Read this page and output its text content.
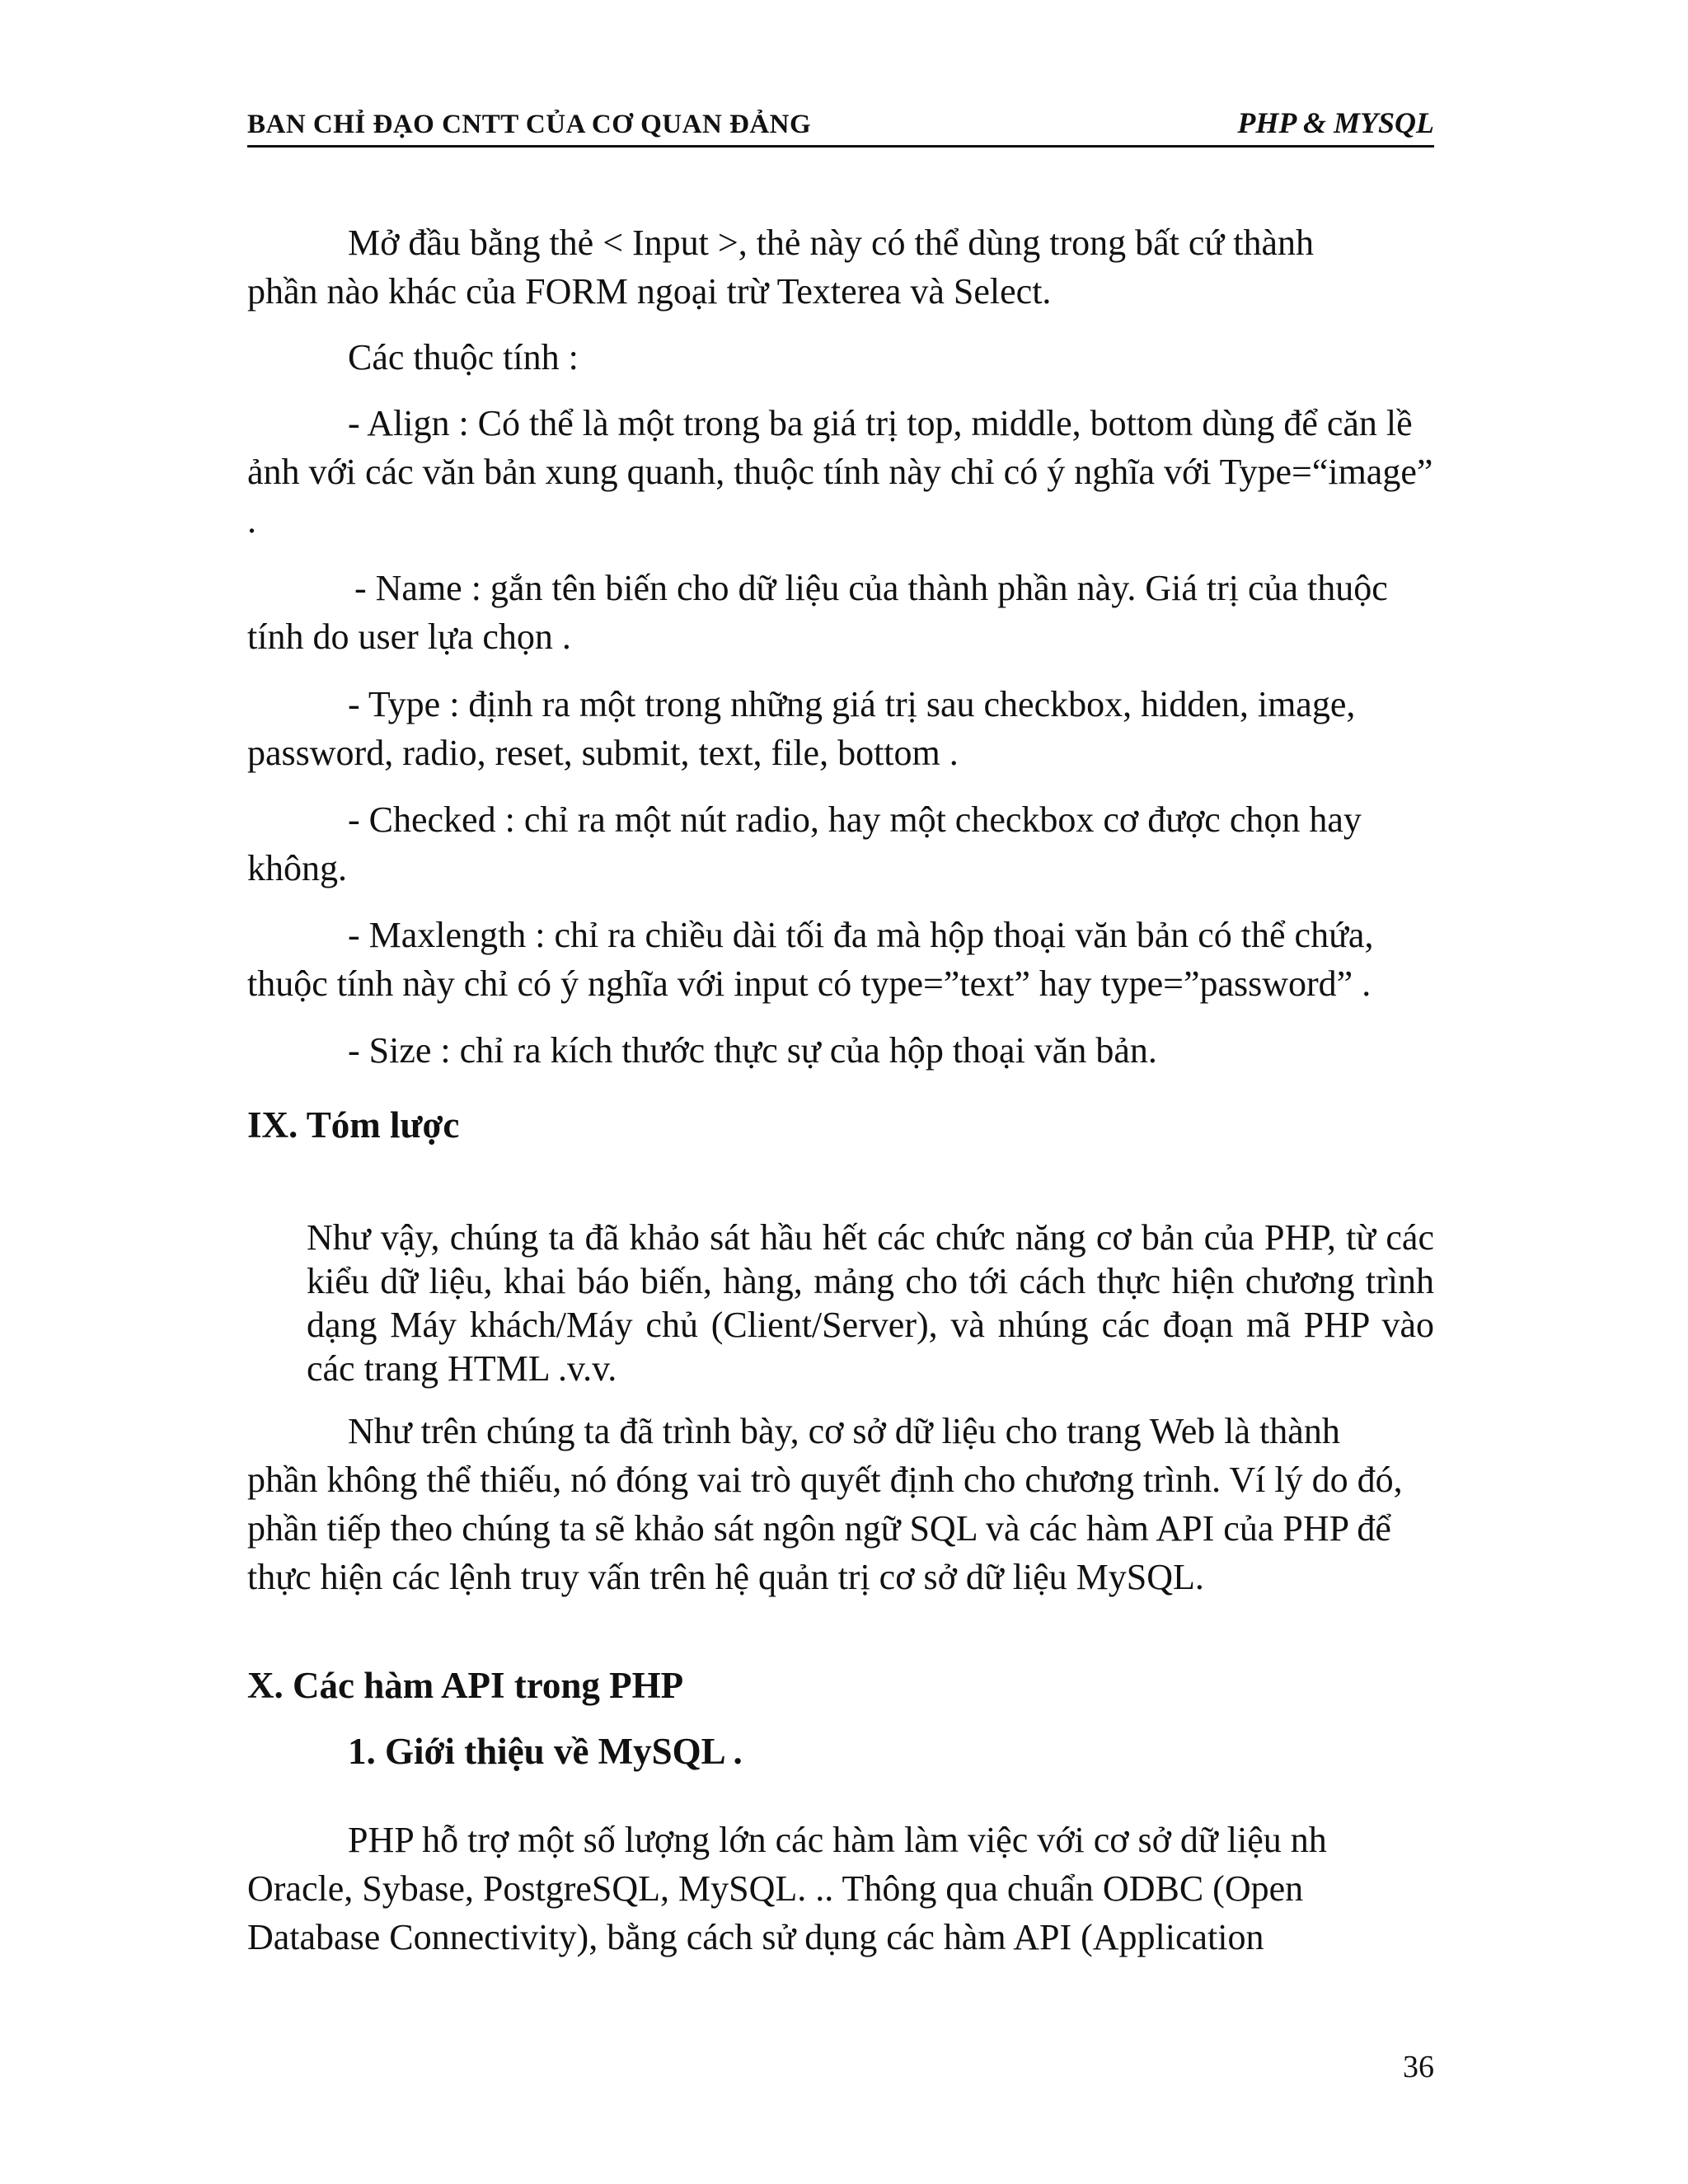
BAN CHỈ ĐẠO CNTT CỦA CƠ QUAN ĐẢNG	PHP & MYSQL

Mở đầu bằng thẻ < Input >, thẻ này có thể dùng trong bất cứ thành phần nào khác của FORM ngoại trừ Texterea và Select.

Các thuộc tính :

- Align : Có thể là một trong ba giá trị top, middle, bottom dùng để căn lề ảnh với các văn bản xung quanh, thuộc tính này chỉ có ý nghĩa với Type=“image” .

- Name : gắn tên biến cho dữ liệu của thành phần này. Giá trị của thuộc tính do user lựa chọn .

- Type : định ra một trong những giá trị sau checkbox, hidden, image, password, radio, reset, submit, text, file, bottom .

- Checked : chỉ ra một nút radio, hay một checkbox cơ được chọn hay không.

- Maxlength : chỉ ra chiều dài tối đa mà hộp thoại văn bản có thể chứa, thuộc tính này chỉ có ý nghĩa với input có type=”text” hay type=”password” .

- Size : chỉ ra kích thước thực sự của hộp thoại văn bản.

IX. Tóm lược

Như vậy, chúng ta đã khảo sát hầu hết các chức năng cơ bản của PHP, từ các kiểu dữ liệu, khai báo biến, hàng, mảng cho tới cách thực hiện chương trình dạng Máy khách/Máy chủ (Client/Server), và nhúng các đoạn mã PHP vào các trang HTML .v.v.

Như trên chúng ta đã trình bày, cơ sở dữ liệu cho trang Web là thành phần không thể thiếu, nó đóng vai trò quyết định cho chương trình. Ví lý do đó, phần tiếp theo chúng ta sẽ khảo sát ngôn ngữ SQL và các hàm API của PHP để thực hiện các lệnh truy vấn trên hệ quản trị cơ sở dữ liệu MySQL.

X. Các hàm API trong PHP
1. Giới thiệu về MySQL .

PHP hỗ trợ một số lượng lớn các hàm làm việc với cơ sở dữ liệu nh Oracle, Sybase, PostgreSQL, MySQL. .. Thông qua chuẩn ODBC (Open Database Connectivity), bằng cách sử dụng các hàm API (Application

36
